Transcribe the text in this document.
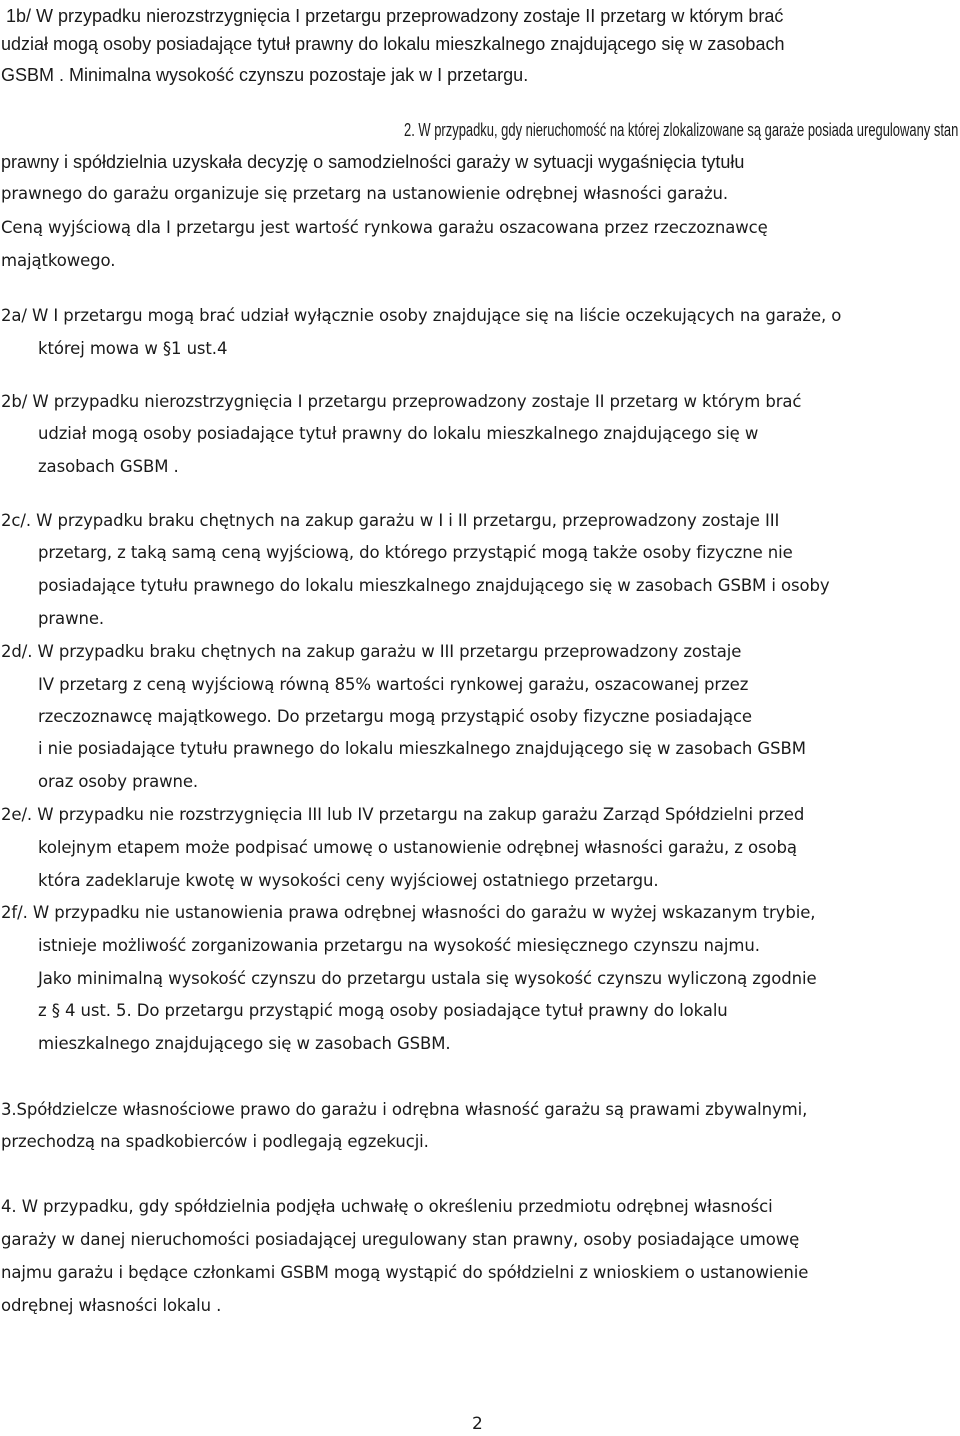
1b/ W przypadku nierozstrzygnięcia I przetargu przeprowadzony zostaje II przetarg w którym brać
udział mogą osoby posiadające tytuł prawny do lokalu mieszkalnego znajdującego się w zasobach
GSBM . Minimalna wysokość czynszu pozostaje jak w I przetargu.
2. W przypadku, gdy nieruchomość na której zlokalizowane są garaże posiada uregulowany stan
prawny i spółdzielnia uzyskała decyzję o samodzielności garaży w sytuacji wygaśnięcia tytułu
prawnego do garażu organizuje się przetarg na ustanowienie odrębnej własności garażu.
Ceną wyjściową dla I przetargu jest wartość rynkowa garażu oszacowana przez rzeczoznawcę
majątkowego.
2a/ W I przetargu mogą brać udział wyłącznie osoby znajdujące się na liście oczekujących na garaże, o
której mowa w §1 ust.4
2b/ W przypadku nierozstrzygnięcia I przetargu przeprowadzony zostaje II przetarg w którym brać
udział mogą osoby posiadające tytuł prawny do lokalu mieszkalnego znajdującego się w
zasobach GSBM .
2c/. W przypadku braku chętnych na zakup garażu w I i II przetargu, przeprowadzony zostaje III
przetarg, z taką samą ceną wyjściową, do którego przystąpić mogą także osoby fizyczne nie
posiadające tytułu prawnego do lokalu mieszkalnego znajdującego się w zasobach GSBM i osoby
prawne.
2d/. W przypadku braku chętnych na zakup garażu w III przetargu przeprowadzony zostaje
IV przetarg z ceną wyjściową równą 85% wartości rynkowej garażu, oszacowanej przez
rzeczoznawcę majątkowego. Do przetargu mogą przystąpić osoby fizyczne posiadające
i nie posiadające tytułu prawnego do lokalu mieszkalnego znajdującego się w zasobach GSBM
oraz osoby prawne.
2e/. W przypadku nie rozstrzygnięcia III lub IV przetargu na zakup garażu Zarząd Spółdzielni przed
kolejnym etapem może podpisać umowę o ustanowienie odrębnej własności garażu, z osobą
która zadeklaruje kwotę w wysokości ceny wyjściowej ostatniego przetargu.
2f/. W przypadku nie ustanowienia prawa odrębnej własności do garażu w wyżej wskazanym trybie,
istnieje możliwość zorganizowania przetargu na wysokość miesięcznego czynszu najmu.
Jako minimalną wysokość czynszu do przetargu ustala się wysokość czynszu wyliczoną zgodnie
z § 4 ust. 5. Do przetargu przystąpić mogą osoby posiadające tytuł prawny do lokalu
mieszkalnego znajdującego się w zasobach GSBM.
3.Spółdzielcze własnościowe prawo do garażu i odrębna własność garażu są prawami zbywalnymi,
przechodzą na spadkobierców i podlegają egzekucji.
4. W przypadku, gdy spółdzielnia podjęła uchwałę o określeniu przedmiotu odrębnej własności
garaży w danej nieruchomości posiadającej uregulowany stan prawny, osoby posiadające umowę
najmu garażu i będące członkami GSBM mogą wystąpić do spółdzielni z wnioskiem o ustanowienie
odrębnej własności lokalu .
2
